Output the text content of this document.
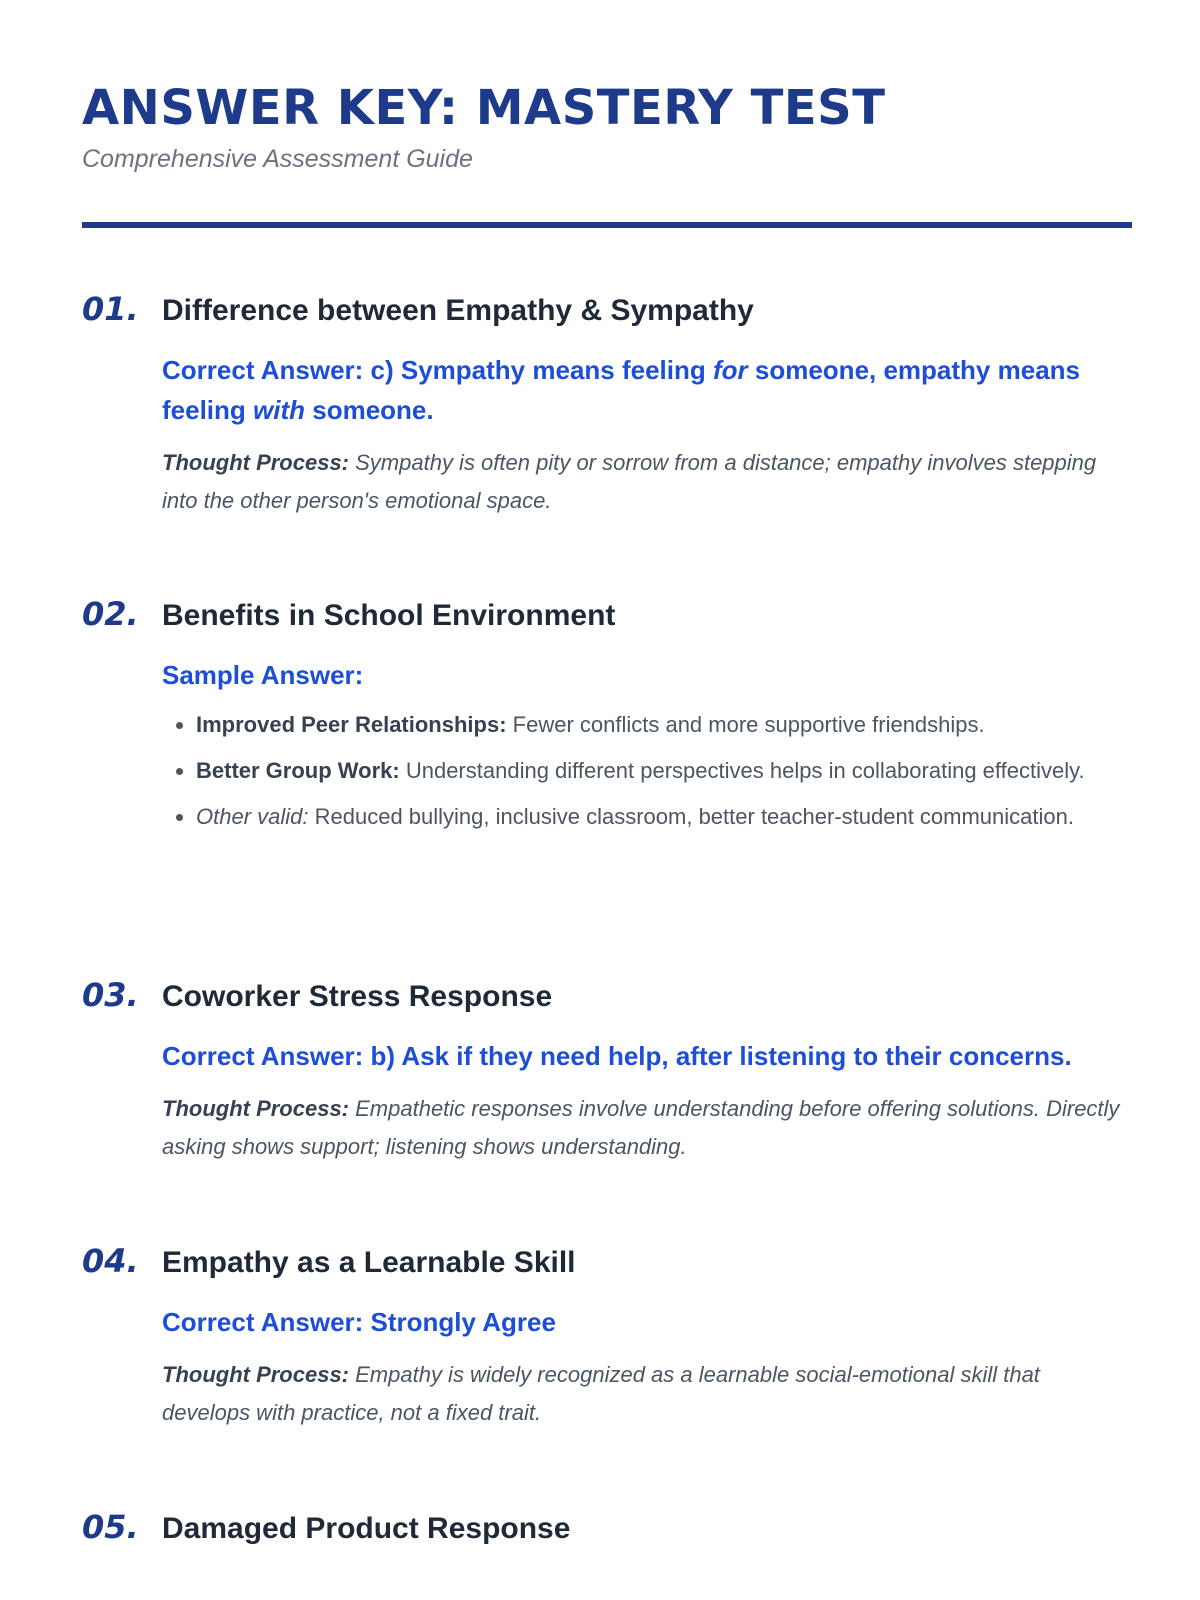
ANSWER KEY: MASTERY TEST
Comprehensive Assessment Guide
01. Difference between Empathy & Sympathy
Correct Answer: c) Sympathy means feeling for someone, empathy means feeling with someone.
Thought Process: Sympathy is often pity or sorrow from a distance; empathy involves stepping into the other person's emotional space.
02. Benefits in School Environment
Sample Answer:
• Improved Peer Relationships: Fewer conflicts and more supportive friendships.
• Better Group Work: Understanding different perspectives helps in collaborating effectively.
• Other valid: Reduced bullying, inclusive classroom, better teacher-student communication.
03. Coworker Stress Response
Correct Answer: b) Ask if they need help, after listening to their concerns.
Thought Process: Empathetic responses involve understanding before offering solutions. Directly asking shows support; listening shows understanding.
04. Empathy as a Learnable Skill
Correct Answer: Strongly Agree
Thought Process: Empathy is widely recognized as a learnable social-emotional skill that develops with practice, not a fixed trait.
05. Damaged Product Response
